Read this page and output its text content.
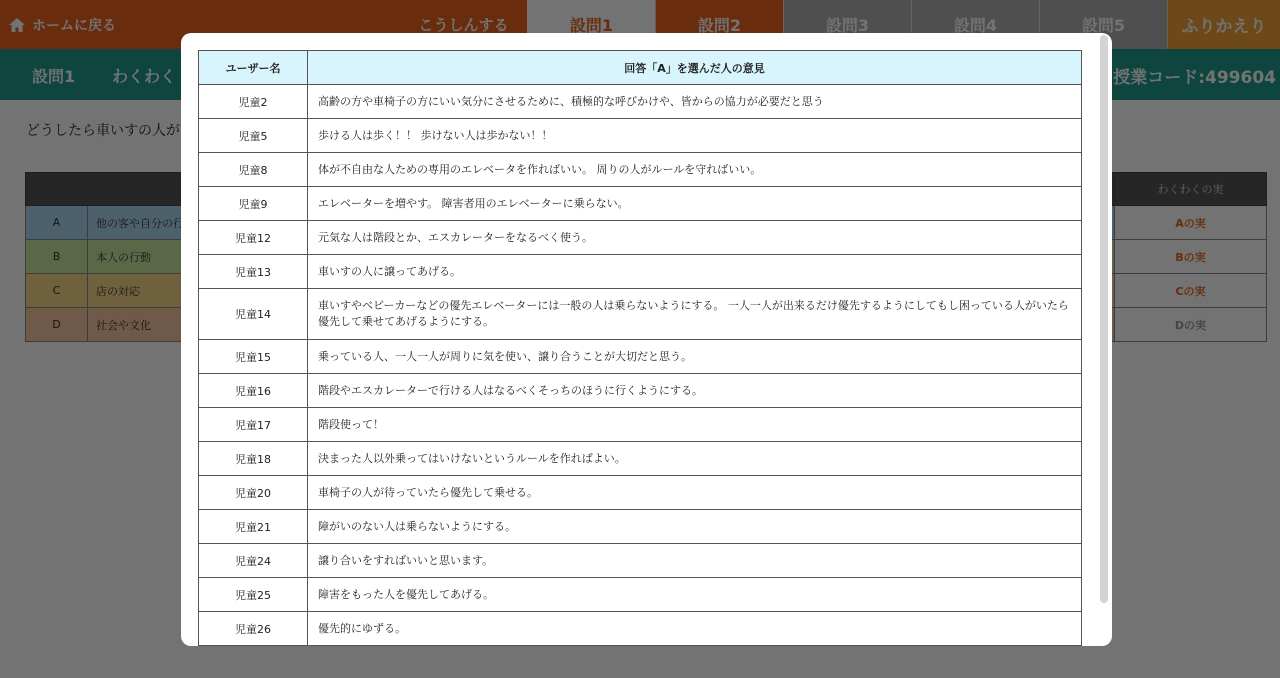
ユーザー名	回答「A」を選んだ人の意見
児童2	高齢の方や車椅子の方にいい気分にさせるために、積極的な呼びかけや、皆からの協力が必要だと思う
児童5	歩ける人は歩く！！ 歩けない人は歩かない！！
児童8	体が不自由な人ための専用のエレベータを作ればいい。 周りの人がルールを守ればいい。
児童9	エレベーターを増やす。 障害者用のエレベーターに乗らない。
児童12	元気な人は階段とか、エスカレーターをなるべく使う。
児童13	車いすの人に譲ってあげる。
児童14	車いすやベビーカーなどの優先エレベーターには一般の人は乗らないようにする。 一人一人が出来るだけ優先するようにしてもし困っている人がいたら優先して乗せてあげるようにする。
児童15	乗っている人、一人一人が周りに気を使い、譲り合うことが大切だと思う。
児童16	階段やエスカレーターで行ける人はなるべくそっちのほうに行くようにする。
児童17	階段使って！
児童18	決まった人以外乗ってはいけないというルールを作ればよい。
児童20	車椅子の人が待っていたら優先して乗せる。
児童21	障がいのない人は乗らないようにする。
児童24	譲り合いをすればいいと思います。
児童25	障害をもった人を優先してあげる。
児童26	優先的にゆずる。
